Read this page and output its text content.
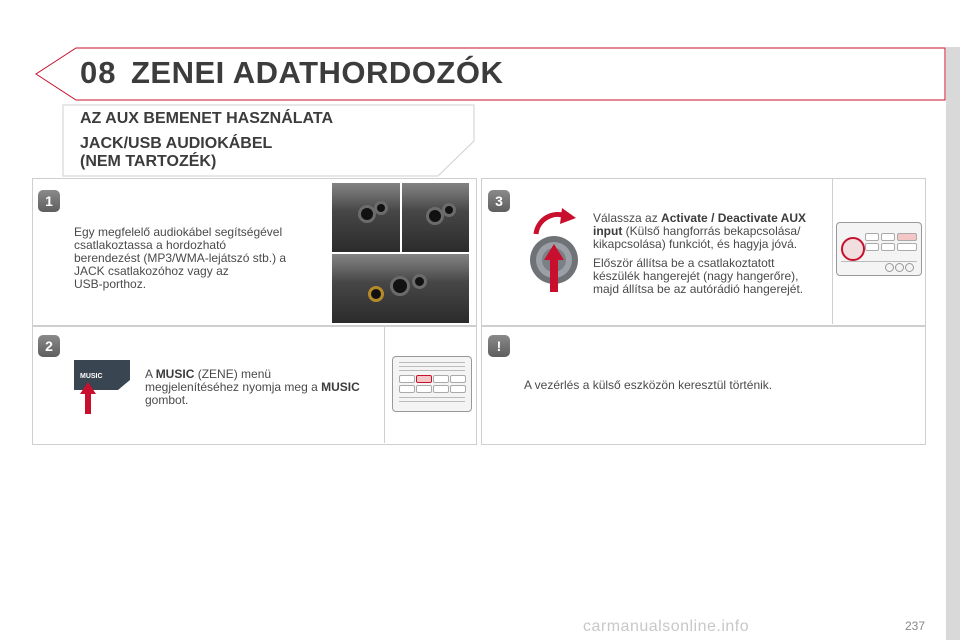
08 ZENEI ADATHORDOZÓK
AZ AUX BEMENET HASZNÁLATA
JACK/USB AUDIOKÁBEL
(NEM TARTOZÉK)
1
Egy megfelelő audiokábel segítségével
csatlakoztassa a hordozható
berendezést (MP3/WMA-lejátszó stb.) a
JACK csatlakozóhoz vagy az
USB-porthoz.
2
MUSIC	A MUSIC (ZENE) menü
megjelenítéséhez nyomja meg a MUSIC
gombot.
3
Válassza az Activate / Deactivate AUX
input (Külső hangforrás bekapcsolása/
kikapcsolása) funkciót, és hagyja jóvá.
Először állítsa be a csatlakoztatott
készülék hangerejét (nagy hangerőre),
majd állítsa be az autórádió hangerejét.
!
A vezérlés a külső eszközön keresztül történik.
carmanualsonline.info	237
